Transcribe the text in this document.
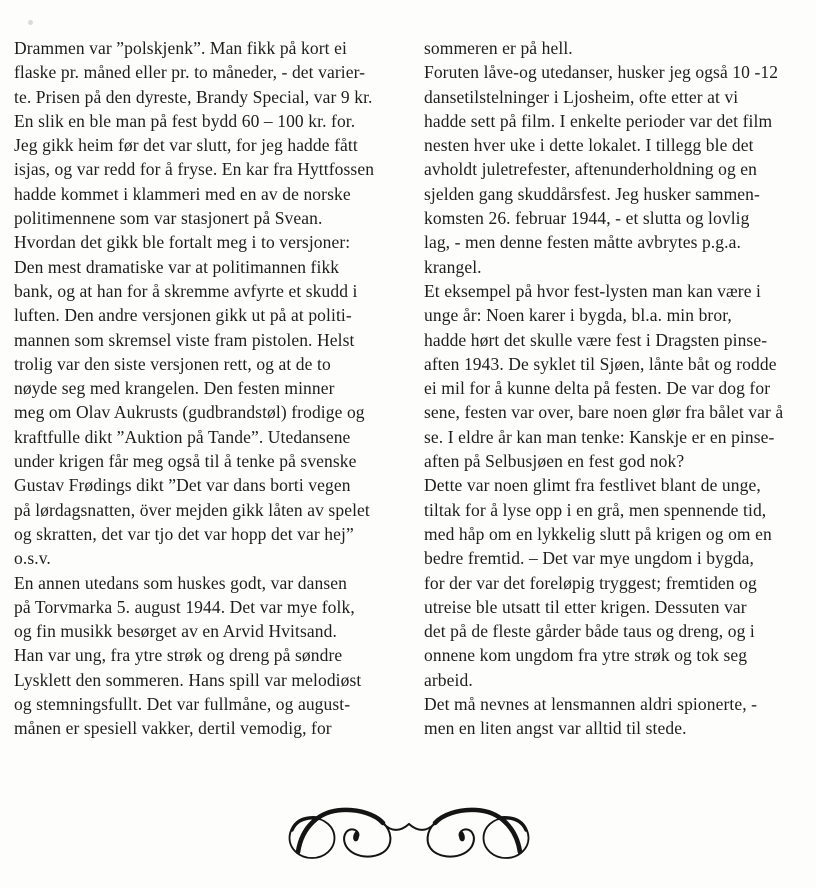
Drammen var ”polskjenk”. Man fikk på kort ei
flaske pr. måned eller pr. to måneder, - det varier-
te. Prisen på den dyreste, Brandy Special, var 9 kr.
En slik en ble man på fest bydd 60 – 100 kr. for.
Jeg gikk heim før det var slutt, for jeg hadde fått
isjas, og var redd for å fryse. En kar fra Hyttfossen
hadde kommet i klammeri med en av de norske
politimennene som var stasjonert på Svean.
Hvordan det gikk ble fortalt meg i to versjoner:
Den mest dramatiske var at politimannen fikk
bank, og at han for å skremme avfyrte et skudd i
luften. Den andre versjonen gikk ut på at politi-
mannen som skremsel viste fram pistolen. Helst
trolig var den siste versjonen rett, og at de to
nøyde seg med krangelen. Den festen minner
meg om Olav Aukrusts (gudbrandstøl) frodige og
kraftfulle dikt ”Auktion på Tande”. Utedansene
under krigen får meg også til å tenke på svenske
Gustav Frødings dikt ”Det var dans borti vegen
på lørdagsnatten, över mejden gikk låten av spelet
og skratten, det var tjo det var hopp det var hej”
o.s.v.
En annen utedans som huskes godt, var dansen
på Torvmarka 5. august 1944. Det var mye folk,
og fin musikk besørget av en Arvid Hvitsand.
Han var ung, fra ytre strøk og dreng på søndre
Lysklett den sommeren. Hans spill var melodiøst
og stemningsfullt. Det var fullmåne, og august-
månen er spesiell vakker, dertil vemodig, for
sommeren er på hell.
Foruten låve-og utedanser, husker jeg også 10 -12
dansetilstelninger i Ljosheim, ofte etter at vi
hadde sett på film. I enkelte perioder var det film
nesten hver uke i dette lokalet. I tillegg ble det
avholdt juletrefester, aftenunderholdning og en
sjelden gang skuddårsfest. Jeg husker sammen-
komsten 26. februar 1944, - et slutta og lovlig
lag, - men denne festen måtte avbrytes p.g.a.
krangel.
Et eksempel på hvor fest-lysten man kan være i
unge år: Noen karer i bygda, bl.a. min bror,
hadde hørt det skulle være fest i Dragsten pinse-
aften 1943. De syklet til Sjøen, lånte båt og rodde
ei mil for å kunne delta på festen. De var dog for
sene, festen var over, bare noen glør fra bålet var å
se. I eldre år kan man tenke: Kanskje er en pinse-
aften på Selbusjøen en fest god nok?
Dette var noen glimt fra festlivet blant de unge,
tiltak for å lyse opp i en grå, men spennende tid,
med håp om en lykkelig slutt på krigen og om en
bedre fremtid. – Det var mye ungdom i bygda,
for der var det foreløpig tryggest; fremtiden og
utreise ble utsatt til etter krigen. Dessuten var
det på de fleste gårder både taus og dreng, og i
onnene kom ungdom fra ytre strøk og tok seg
arbeid.
Det må nevnes at lensmannen aldri spionerte, -
men en liten angst var alltid til stede.
